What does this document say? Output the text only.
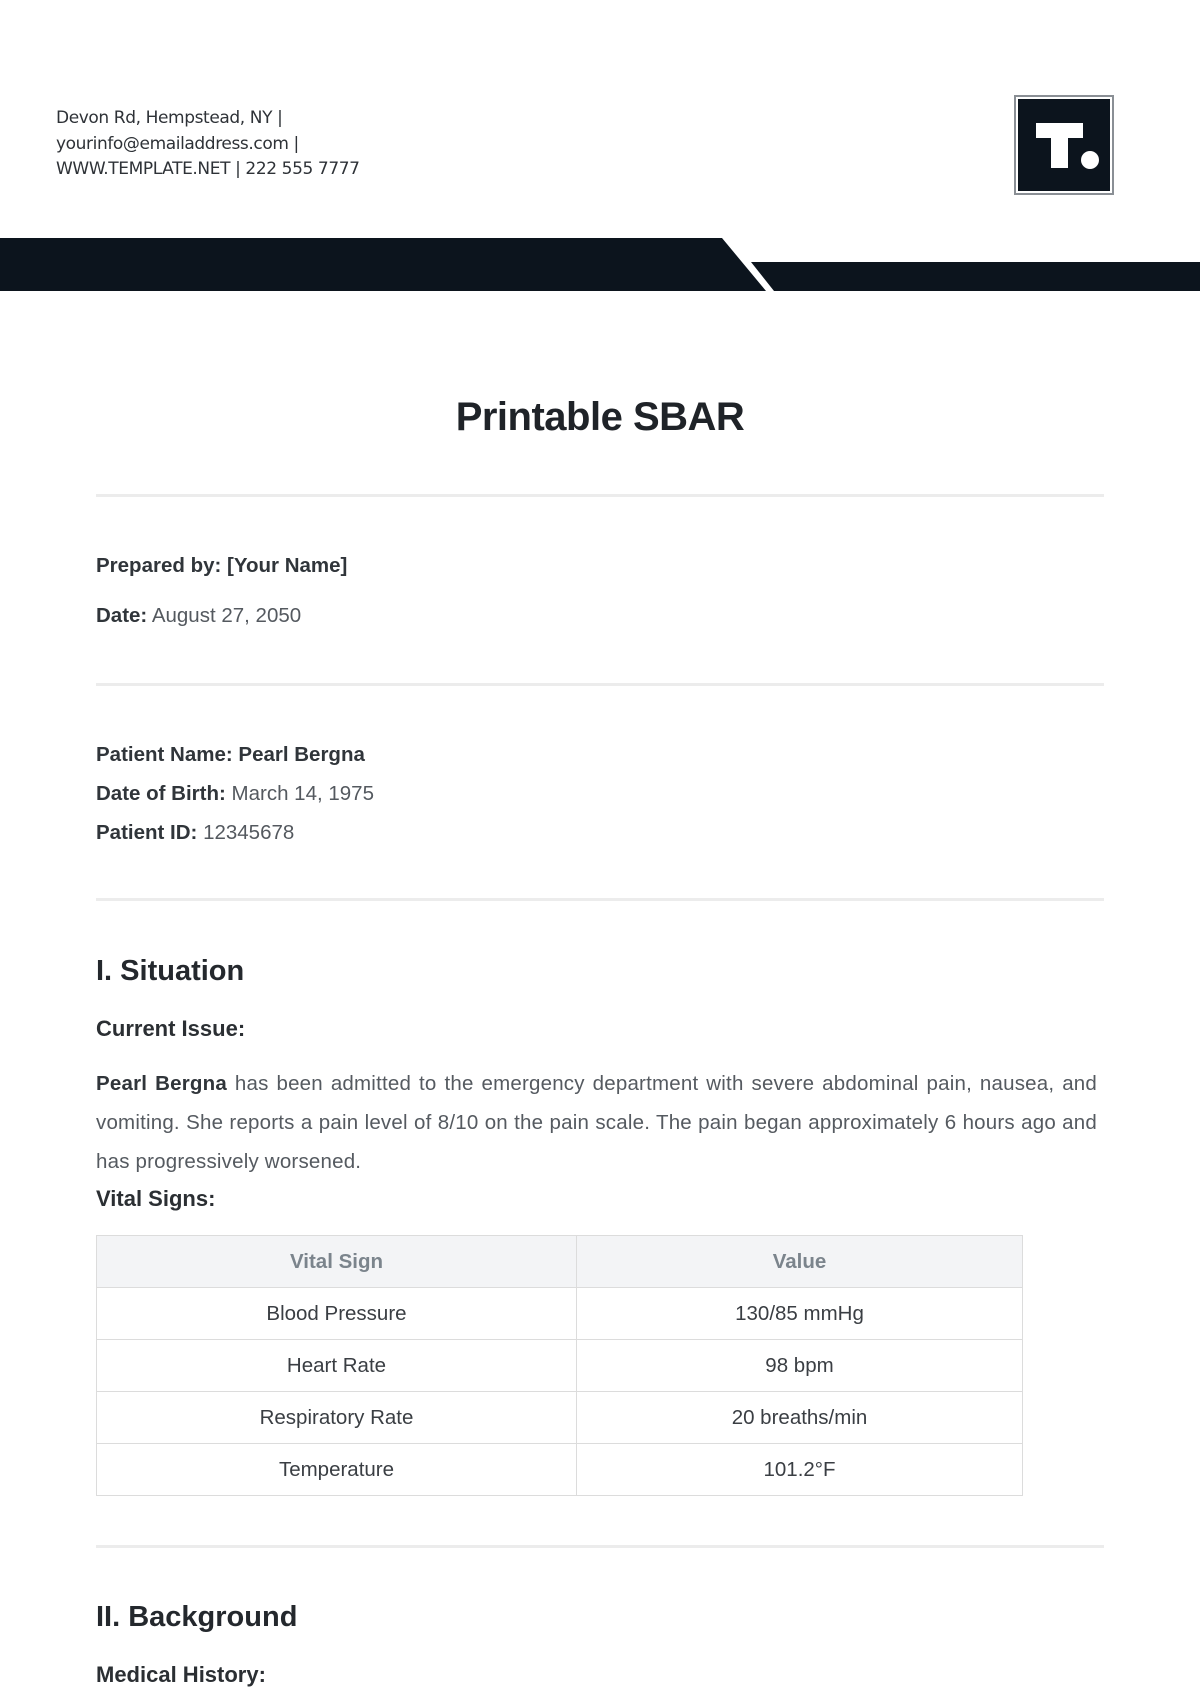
Devon Rd, Hempstead, NY |
yourinfo@emailaddress.com |
WWW.TEMPLATE.NET | 222 555 7777
Printable SBAR
Prepared by: [Your Name]
Date: August 27, 2050
Patient Name: Pearl Bergna
Date of Birth: March 14, 1975
Patient ID: 12345678
I. Situation
Current Issue:

Pearl Bergna has been admitted to the emergency department with severe abdominal pain, nausea, and vomiting. She reports a pain level of 8/10 on the pain scale. The pain began approximately 6 hours ago and has progressively worsened.

Vital Signs:
Vital Sign	Value
Blood Pressure	130/85 mmHg
Heart Rate	98 bpm
Respiratory Rate	20 breaths/min
Temperature	101.2°F
II. Background
Medical History:
